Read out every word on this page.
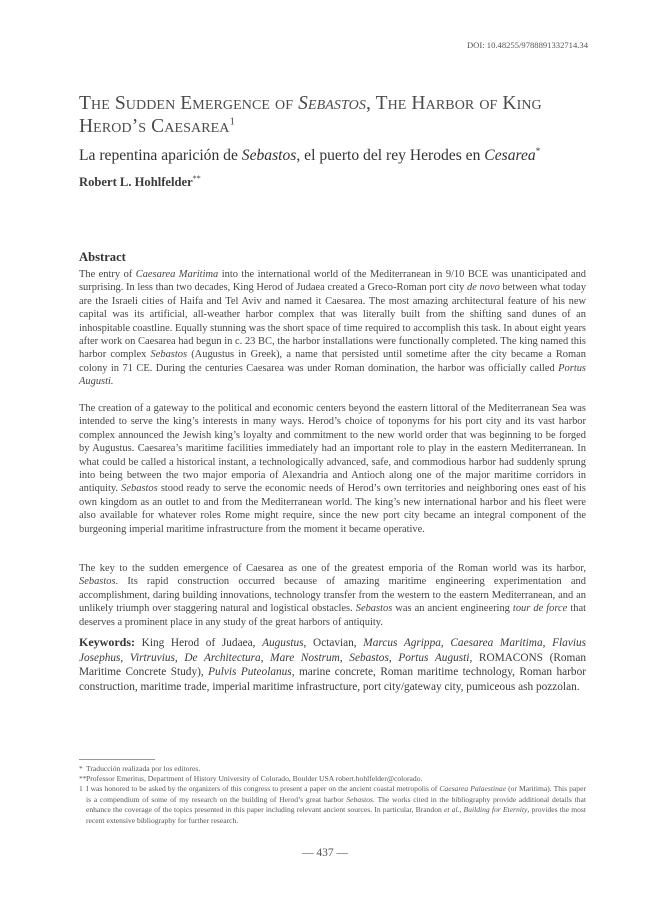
DOI: 10.48255/9788891332714.34
The Sudden Emergence of Sebastos, The Harbor of King Herod’s Caesarea$^1$
La repentina aparición de Sebastos, el puerto del rey Herodes en Cesarea*
Robert L. Hohlfelder**
Abstract

The entry of Caesarea Maritima into the international world of the Mediterranean in 9/10 BCE was unanticipated and surprising. In less than two decades, King Herod of Judaea created a Greco-Roman port city de novo between what today are the Israeli cities of Haifa and Tel Aviv and named it Caesarea. The most amazing architectural feature of his new capital was its artificial, all-weather harbor complex that was literally built from the shifting sand dunes of an inhospitable coastline. Equally stunning was the short space of time required to accomplish this task. In about eight years after work on Caesarea had begun in c. 23 BC, the harbor installations were functionally completed. The king named this harbor complex Sebastos (Augustus in Greek), a name that persisted until sometime after the city became a Roman colony in 71 CE. During the centuries Caesarea was under Roman domination, the harbor was officially called Portus Augusti.

The creation of a gateway to the political and economic centers beyond the eastern littoral of the Mediterranean Sea was intended to serve the king’s interests in many ways. Herod’s choice of toponyms for his port city and its vast harbor complex announced the Jewish king’s loyalty and commitment to the new world order that was beginning to be forged by Augustus. Caesarea’s maritime facilities immediately had an important role to play in the eastern Mediterranean. In what could be called a historical instant, a technologically advanced, safe, and commodious harbor had suddenly sprung into being between the two major emporia of Alexandria and Antioch along one of the major maritime corridors in antiquity. Sebastos stood ready to serve the economic needs of Herod’s own territories and neighboring ones east of his own kingdom as an outlet to and from the Mediterranean world. The king’s new international harbor and his fleet were also available for whatever roles Rome might require, since the new port city became an integral component of the burgeoning imperial maritime infrastructure from the moment it became operative.

The key to the sudden emergence of Caesarea as one of the greatest emporia of the Roman world was its harbor, Sebastos. Its rapid construction occurred because of amazing maritime engineering experimentation and accomplishment, daring building innovations, technology transfer from the western to the eastern Mediterranean, and an unlikely triumph over staggering natural and logistical obstacles. Sebastos was an ancient engineering tour de force that deserves a prominent place in any study of the great harbors of antiquity.

Keywords: King Herod of Judaea, Augustus, Octavian, Marcus Agrippa, Caesarea Maritima, Flavius Josephus, Virtruvius, De Architectura, Mare Nostrum, Sebastos, Portus Augusti, ROMACONS (Roman Maritime Concrete Study), Pulvis Puteolanus, marine concrete, Roman maritime technology, Roman harbor construction, maritime trade, imperial maritime infrastructure, port city/gateway city, pumiceous ash pozzolan.

* Traducción realizada por los editores.
** Professor Emeritus, Department of History University of Colorado, Boulder USA robert.hohlfelder@colorado.
1 I was honored to be asked by the organizers of this congress to present a paper on the ancient coastal metropolis of Caesarea Palaestinae (or Maritima). This paper is a compendium of some of my research on the building of Herod’s great harbor Sebastos. The works cited in the bibliography provide additional details that enhance the coverage of the topics presented in this paper including relevant ancient sources. In particular, Brandon et al., Building for Eternity, provides the most recent extensive bibliography for further research.
— 437 —
